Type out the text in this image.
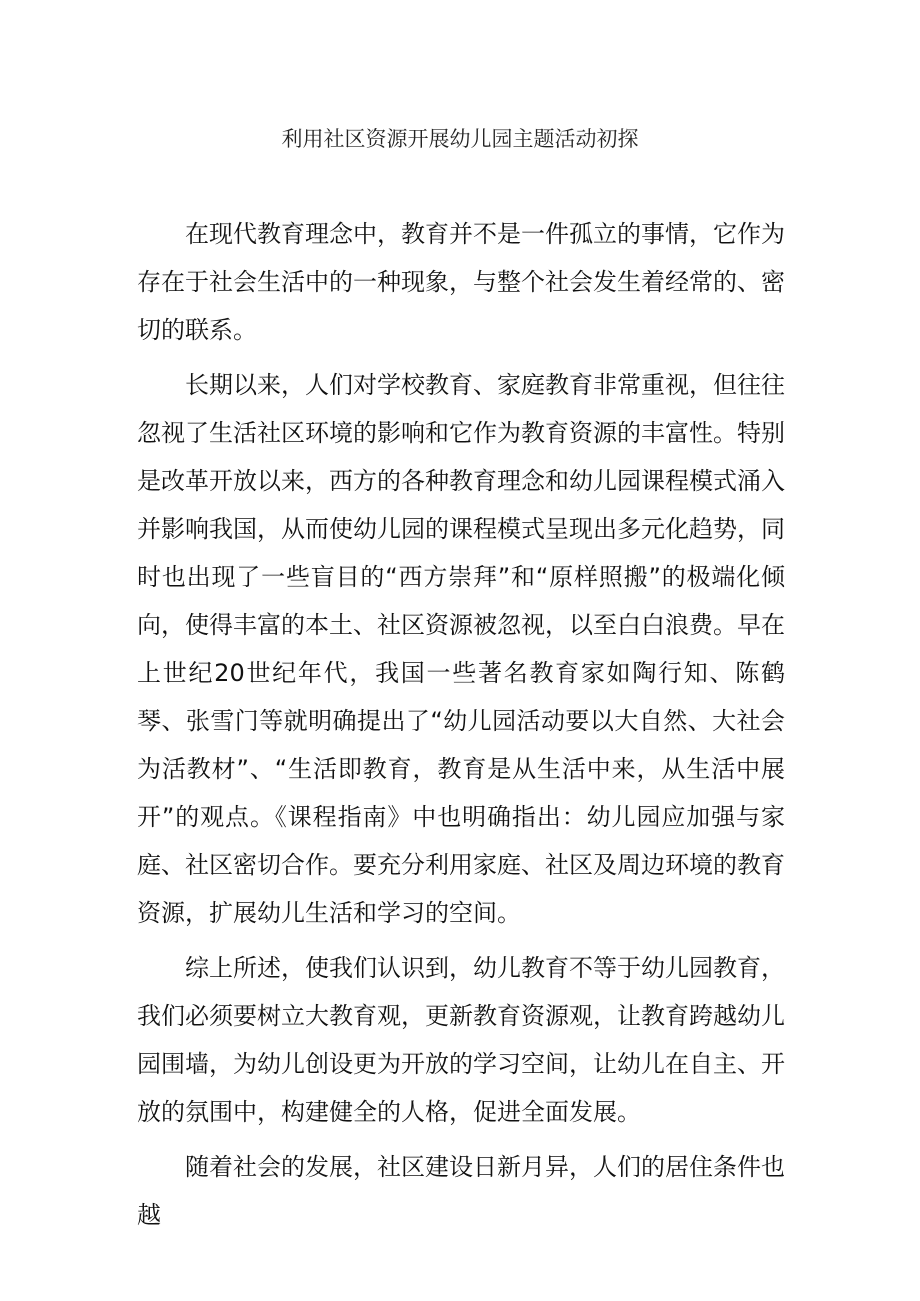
利用社区资源开展幼儿园主题活动初探

在现代教育理念中，教育并不是一件孤立的事情，它作为存在于社会生活中的一种现象，与整个社会发生着经常的、密切的联系。

长期以来，人们对学校教育、家庭教育非常重视，但往往忽视了生活社区环境的影响和它作为教育资源的丰富性。特别是改革开放以来，西方的各种教育理念和幼儿园课程模式涌入并影响我国，从而使幼儿园的课程模式呈现出多元化趋势，同时也出现了一些盲目的“西方崇拜”和“原样照搬”的极端化倾向，使得丰富的本土、社区资源被忽视，以至白白浪费。早在上世纪20世纪年代，我国一些著名教育家如陶行知、陈鹤琴、张雪门等就明确提出了“幼儿园活动要以大自然、大社会为活教材”、“生活即教育，教育是从生活中来，从生活中展开”的观点。《课程指南》中也明确指出：幼儿园应加强与家庭、社区密切合作。要充分利用家庭、社区及周边环境的教育资源，扩展幼儿生活和学习的空间。

综上所述，使我们认识到，幼儿教育不等于幼儿园教育，我们必须要树立大教育观，更新教育资源观，让教育跨越幼儿园围墙，为幼儿创设更为开放的学习空间，让幼儿在自主、开放的氛围中，构建健全的人格，促进全面发展。

随着社会的发展，社区建设日新月异，人们的居住条件也越
